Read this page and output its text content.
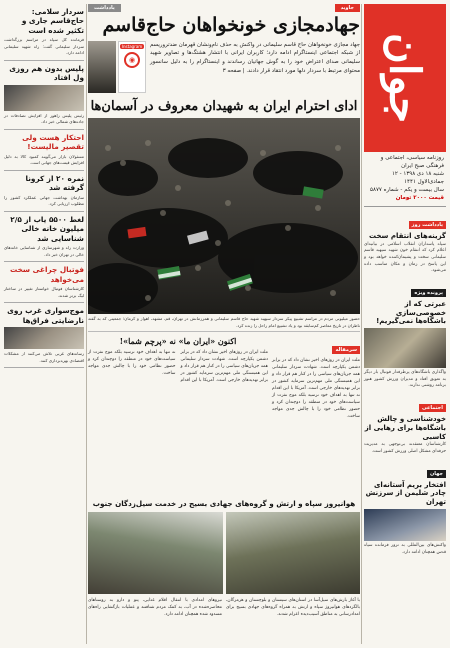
جوان
روزنامه سیاسی، اجتماعی و فرهنگی صبح ایران
شنبه ۱۸ دی ۱۳۹۸ - ۱۲ جمادی‌الاول ۱۴۴۱
سال بیست و یکم - شماره ۵۸۷۷
قیمت ۲۰۰۰ تومان
یادداشت روز
گزینه‌های انتقام سخت
سپاه پاسداران انقلاب اسلامی در بیانیه‌ای اعلام کرد که انتقام خون شهید سپهبد قاسم سلیمانی سخت و پشیمان‌کننده خواهد بود و این پاسخ در زمان و مکان مناسب داده می‌شود.
پرونده ویژه
عبرتی که از خصوصی‌سازی باشگاه‌ها نمی‌گیریم!
واگذاری باشگاه‌های پرطرفدار فوتبال بار دیگر به تعویق افتاد و مدیران ورزش کشور هنوز برنامه روشنی ندارند.
اجتماعی
خودشناسی و چالش‌ باشگاه‌ها برای رهایی از کاسبی
کارشناسان معتقدند بی‌توجهی به مدیریت حرفه‌ای مشکل اصلی ورزش کشور است.
جهان
افتخار بریم آستانه‌ای چادر شلیمن از سرزنش تهران
واکنش‌های بین‌المللی به ترور فرمانده سپاه قدس همچنان ادامه دارد.
جاوید
یادداشت
جهادمجازی خونخواهان حاج‌قاسم
جهاد مجازی خونخواهان حاج قاسم سلیمانی در واکنش به حذف نام‌ونشان قهرمان ضدتروریسم از شبکه اجتماعی اینستاگرام ادامه دارد؛ کاربران ایرانی با انتشار هشتگ‌ها و تصاویر شهید سلیمانی صدای اعتراض خود را به گوش جهانیان رساندند و اینستاگرام را به دلیل سانسور محتوای مرتبط با سردار دلها مورد انتقاد قرار دادند. | صفحه ۳
Instagram
◉
ادای احترام ایران به شهیدان معروف در آسمان‌ها
حضور میلیونی مردم در مراسم تشییع پیکر سردار سپهبد شهید حاج قاسم سلیمانی و همرزمانش در تهران، قم، مشهد، اهواز و کرمان؛ جمعیتی که به گفته ناظران در تاریخ معاصر کم‌سابقه بود و یاد تشییع امام راحل را زنده کرد.
سرمقاله
ملت ایران در روزهای اخیر نشان داد که در برابر دشمن یکپارچه است. شهادت سردار سلیمانی همه جریان‌های سیاسی را در کنار هم قرار داد و این همبستگی ملی مهم‌ترین سرمایه کشور در برابر تهدیدهای خارجی است. آمریکا با این اقدام نه تنها به اهداف خود نرسید بلکه موج نفرت از سیاست‌های خود در منطقه را دوچندان کرد و حضور نظامی خود را با چالش جدی مواجه ساخت.
اکنون «ایران ما» نه «پرچم شما»!
ملت ایران در روزهای اخیر نشان داد که در برابر دشمن یکپارچه است. شهادت سردار سلیمانی همه جریان‌های سیاسی را در کنار هم قرار داد و این همبستگی ملی مهم‌ترین سرمایه کشور در برابر تهدیدهای خارجی است. آمریکا با این اقدام نه تنها به اهداف خود نرسید بلکه موج نفرت از سیاست‌های خود در منطقه را دوچندان کرد و حضور نظامی خود را با چالش جدی مواجه ساخت.
هوانیروز سپاه و ارتش و گروه‌های جهادی بسیج در خدمت سیل‌زدگان جنوب
با آغاز بارش‌های سیل‌آسا در استان‌های سیستان و بلوچستان و هرمزگان، بالگردهای هوانیروز سپاه و ارتش به همراه گروه‌های جهادی بسیج برای امدادرسانی به مناطق آسیب‌دیده اعزام شدند.
نیروهای امدادی با انتقال اقلام غذایی، پتو و دارو به روستاهای محاصره‌شده در آب، به کمک مردم شتافتند و عملیات بازگشایی راه‌های مسدود شده همچنان ادامه دارد.
سردار سلامی: حاج‌قاسم جاری و تکثیر شده است
فرمانده کل سپاه در مراسم بزرگداشت سردار سلیمانی گفت: راه شهید سلیمانی ادامه دارد.
پلیس بدون هم روزی ول افتاد
رئیس پلیس راهور از افزایش تصادفات در جاده‌های شمالی خبر داد.
احتکار هست ولی تقصیر مالیست!
مسئولان بازار می‌گویند کمبود کالا به دلیل افزایش قیمت‌های جهانی است.
نمره ۲۰ از کرونا گرفته شد
سازمان بهداشت جهانی عملکرد کشور را مطلوب ارزیابی کرد.
لغط ۵۵۰۰ یاب از ۲/۵ میلیون خانه خالی شناسایی شد
وزارت راه و شهرسازی از شناسایی خانه‌های خالی در تهران خبر داد.
فوتبال چراغی سخت می‌خواهد
کارشناسان فوتبال خواستار تغییر در ساختار لیگ برتر شدند.
موج‌سواری غرب روی نارضایتی فراق‌ها
رسانه‌های غربی تلاش می‌کنند از مشکلات اقتصادی بهره‌برداری کنند.
